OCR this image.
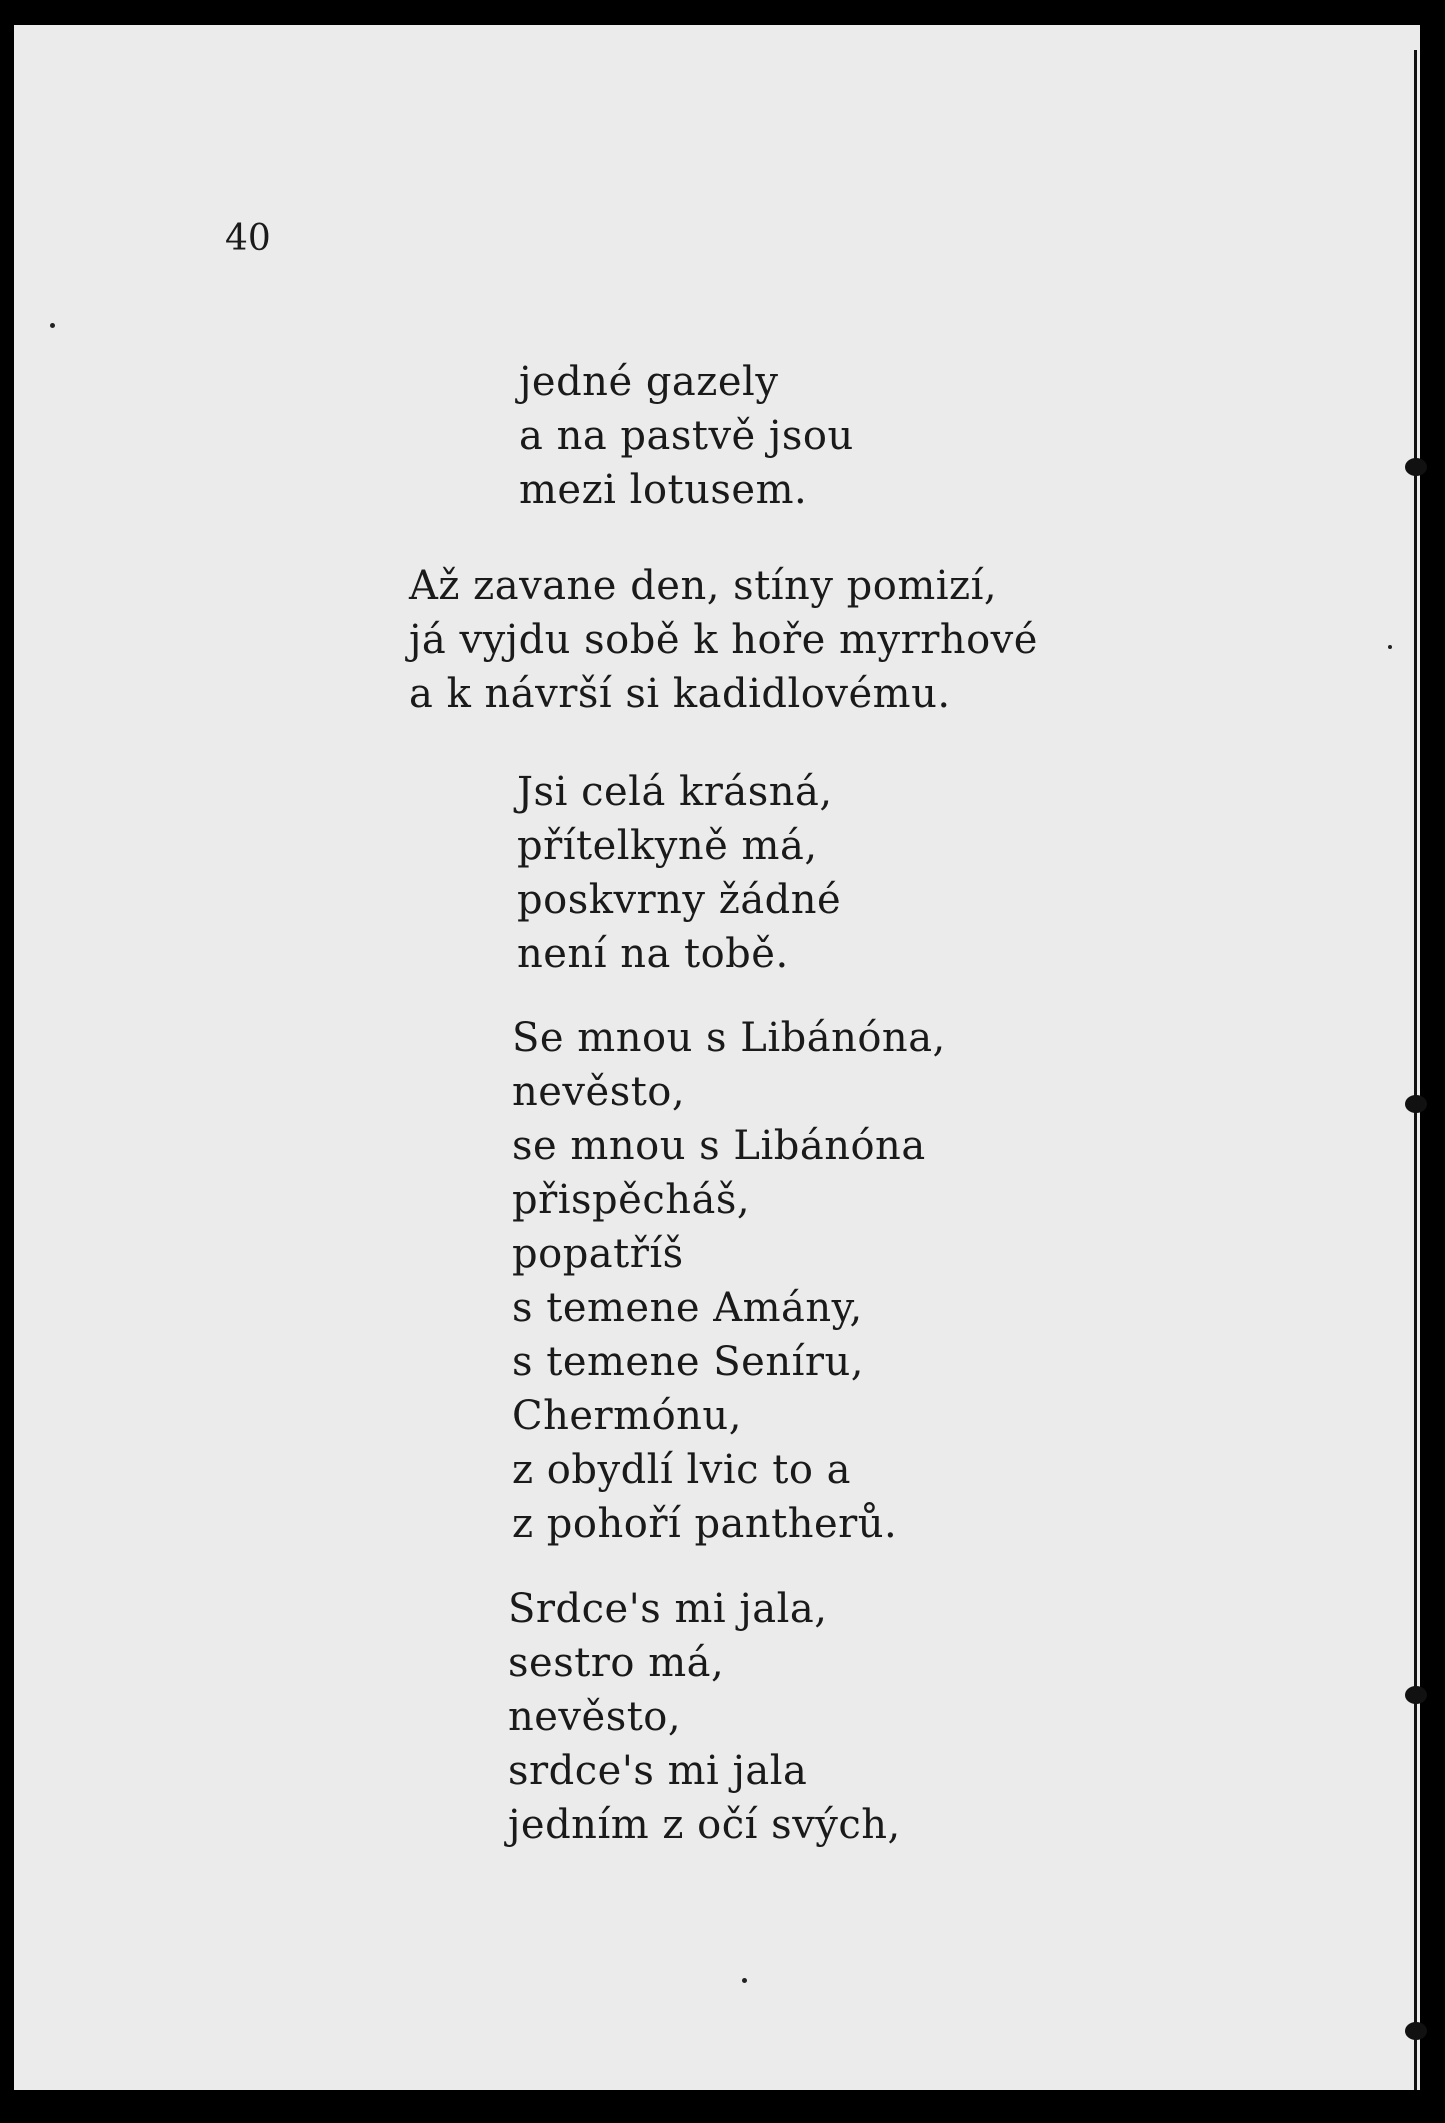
40
jedné gazely
a na pastvě jsou
mezi lotusem.
Až zavane den, stíny pomizí,
já vyjdu sobě k hoře myrrhové
a k návrší si kadidlovému.
Jsi celá krásná,
přítelkyně má,
poskvrny žádné
není na tobě.
Se mnou s Libánóna,
nevěsto,
se mnou s Libánóna
přispěcháš,
popatříš
s temene Amány,
s temene Seníru,
Chermónu,
z obydlí lvic to a
z pohoří pantherů.
Srdce's mi jala,
sestro má,
nevěsto,
srdce's mi jala
jedním z očí svých,
